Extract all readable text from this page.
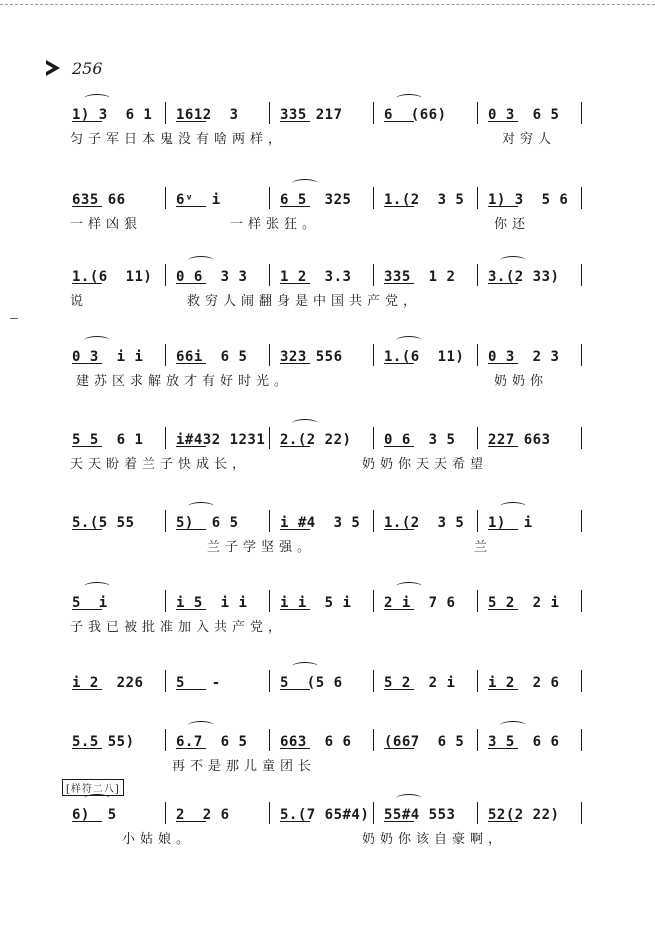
256
1) 3  6 1 1612  3	335 217	6  (66)	0 3  6 5
匀子军日本鬼没有啥两样，	对穷人
635 66	6ᵛ  i	6 5  325 1.(2  3 5 1) 3  5 6
一样凶狠	一样张狂。	你还
1.(6  11) 0 6  3 3 1 2  3.3 335  1 2 3.(2 33)
说	救穷人闹翻身是中国共产党，
0 3  i i 66i  6 5 323 556	1.(6  11) 0 3  2 3
建苏区求解放才有好时光。	奶奶你
5 5  6 1 i#432 1231 2.(2 22) 0 6  3 5 227 663
天天盼着兰子快成长，	奶奶你天天希望
5.(5 55	5)  6 5	i #4  3 5 1.(2  3 5 1)  i
兰子学坚强。	兰
5  i	i 5  i i i i  5 i 2 i  7 6 5 2  2 i
子我已被批准加入共产党，
i 2  226 5   -	5  (5 6	5 2  2 i i 2  2 6
5.5 55)	6.7  6 5 663  6 6 (667  6 5 3 5  6 6
再不是那儿童团长
6)  5	2  2 6	5.(7 65#4) 55#4 553 52(2 22)
小姑娘。	奶奶你该自豪啊，
[样符二八]
